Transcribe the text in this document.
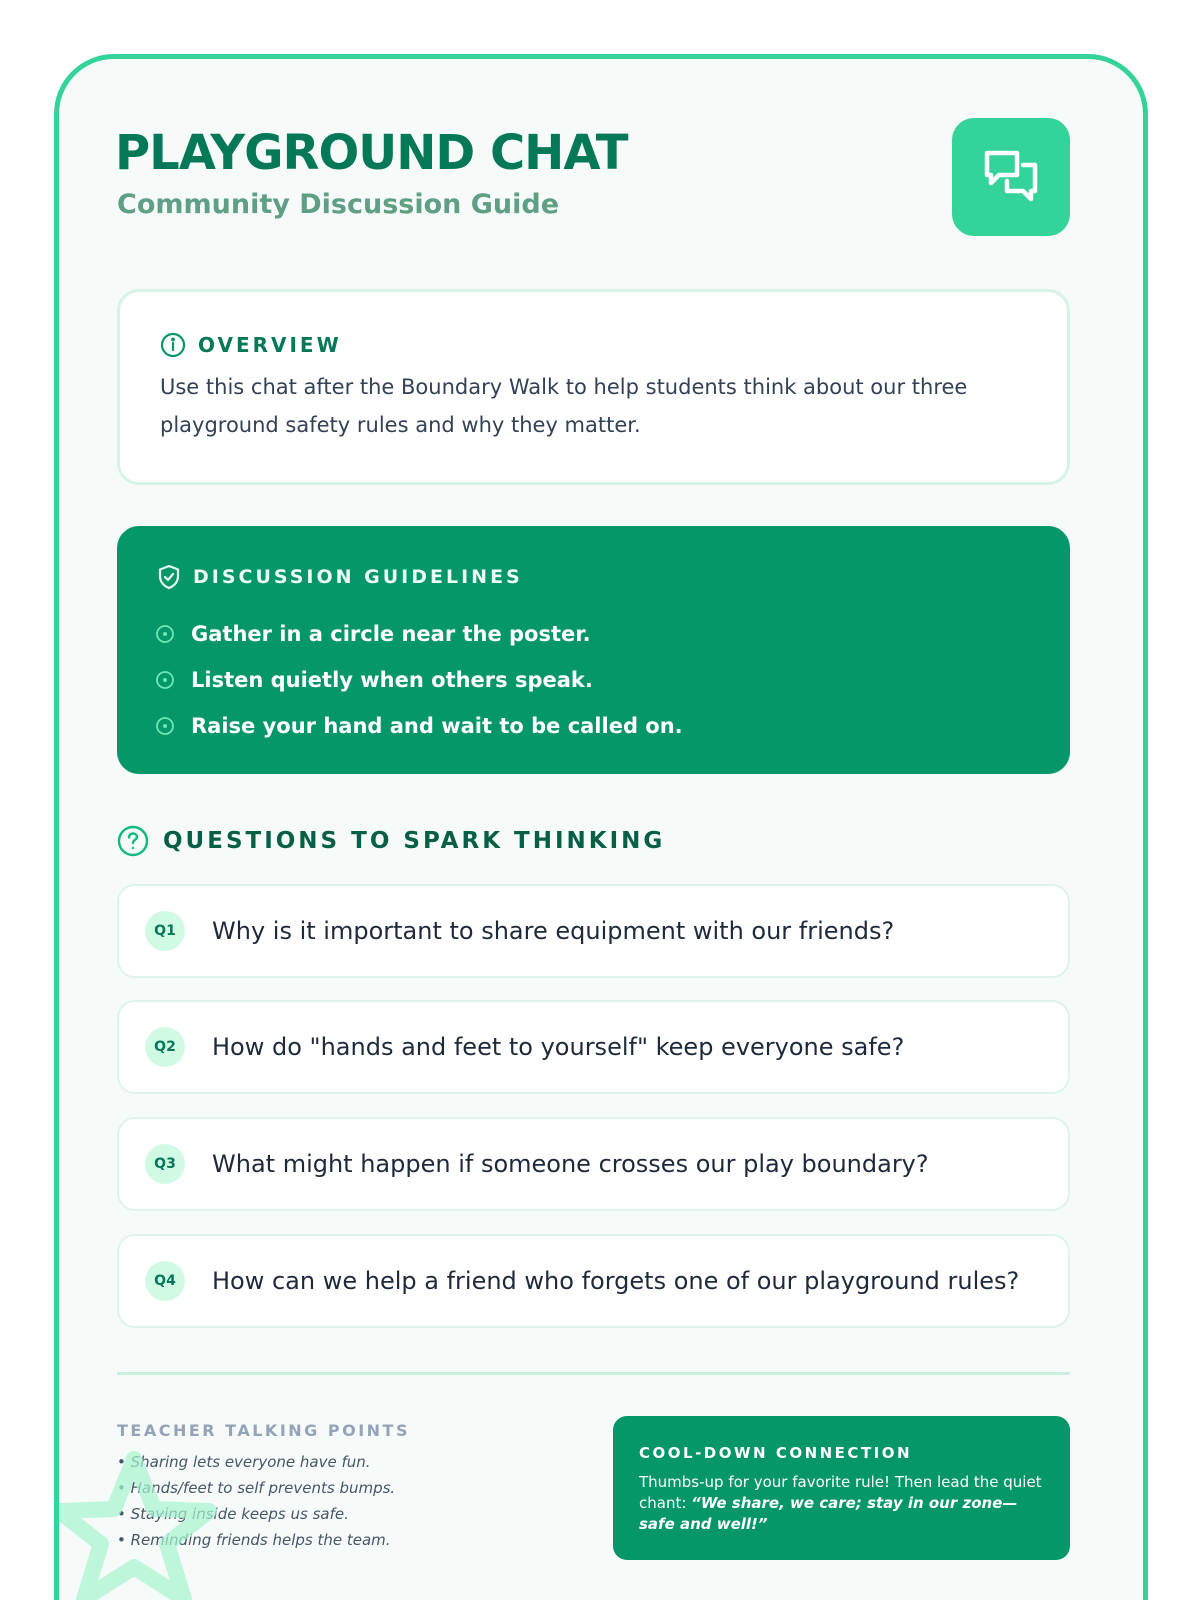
PLAYGROUND CHAT
Community Discussion Guide
OVERVIEW

Use this chat after the Boundary Walk to help students think about our three playground safety rules and why they matter.

DISCUSSION GUIDELINES
Gather in a circle near the poster.
Listen quietly when others speak.
Raise your hand and wait to be called on.
QUESTIONS TO SPARK THINKING
Q1	Why is it important to share equipment with our friends?
Q2	How do "hands and feet to yourself" keep everyone safe?
Q3	What might happen if someone crosses our play boundary?
Q4	How can we help a friend who forgets one of our playground rules?
TEACHER TALKING POINTS
• Sharing lets everyone have fun.
• Hands/feet to self prevents bumps.
• Staying inside keeps us safe.
• Reminding friends helps the team.
COOL-DOWN CONNECTION

Thumbs-up for your favorite rule! Then lead the quiet chant: “We share, we care; stay in our zone—safe and well!”
